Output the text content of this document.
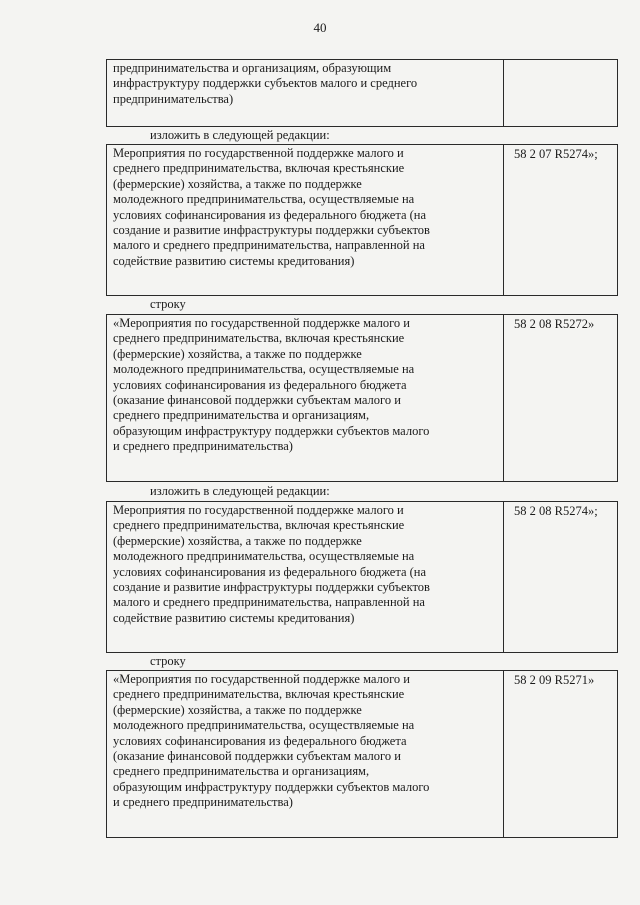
40
предпринимательства и организациям, образующим
инфраструктуру поддержки субъектов малого и среднего
предпринимательства)
изложить в следующей редакции:
Мероприятия по государственной поддержке малого и
среднего предпринимательства, включая крестьянские
(фермерские) хозяйства, а также по поддержке
молодежного предпринимательства, осуществляемые на
условиях софинансирования из федерального бюджета (на
создание и развитие инфраструктуры поддержки субъектов
малого и среднего предпринимательства, направленной на
содействие развитию системы кредитования)
58 2 07 R5274»;
строку
«Мероприятия по государственной поддержке малого и
среднего предпринимательства, включая крестьянские
(фермерские) хозяйства, а также по поддержке
молодежного предпринимательства, осуществляемые на
условиях софинансирования из федерального бюджета
(оказание финансовой поддержки субъектам малого и
среднего предпринимательства и организациям,
образующим инфраструктуру поддержки субъектов малого
и среднего предпринимательства)
58 2 08 R5272»
изложить в следующей редакции:
Мероприятия по государственной поддержке малого и
среднего предпринимательства, включая крестьянские
(фермерские) хозяйства, а также по поддержке
молодежного предпринимательства, осуществляемые на
условиях софинансирования из федерального бюджета (на
создание и развитие инфраструктуры поддержки субъектов
малого и среднего предпринимательства, направленной на
содействие развитию системы кредитования)
58 2 08 R5274»;
строку
«Мероприятия по государственной поддержке малого и
среднего предпринимательства, включая крестьянские
(фермерские) хозяйства, а также по поддержке
молодежного предпринимательства, осуществляемые на
условиях софинансирования из федерального бюджета
(оказание финансовой поддержки субъектам малого и
среднего предпринимательства и организациям,
образующим инфраструктуру поддержки субъектов малого
и среднего предпринимательства)
58 2 09 R5271»
